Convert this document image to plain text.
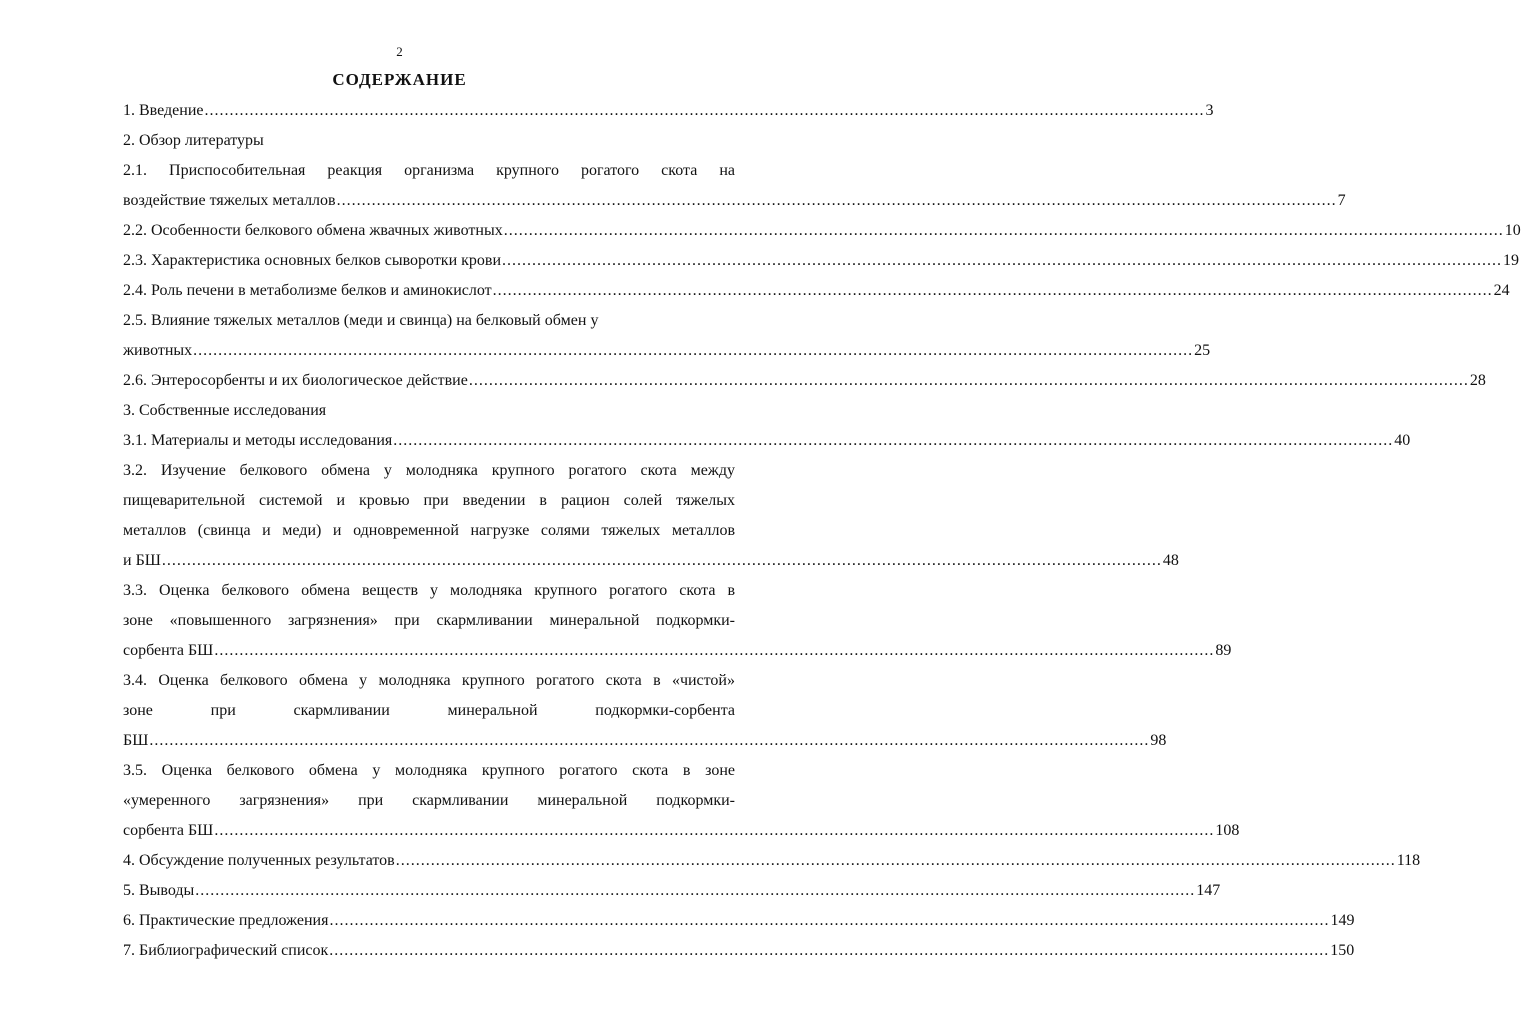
2
СОДЕРЖАНИЕ
1. Введение ........................................................................................................................................................................................................ 3
2. Обзор литературы
2.1. Приспособительная реакция организма крупного рогатого скота на
воздействие тяжелых металлов ........................................................................................................................................................................................................ 7
2.2. Особенности белкового обмена жвачных животных ........................................................................................................................................................................................................ 10
2.3. Характеристика основных белков сыворотки крови ........................................................................................................................................................................................................ 19
2.4. Роль печени в метаболизме белков и аминокислот ........................................................................................................................................................................................................ 24
2.5. Влияние тяжелых металлов (меди и свинца) на белковый обмен у
животных ........................................................................................................................................................................................................ 25
2.6. Энтеросорбенты и их биологическое действие ........................................................................................................................................................................................................ 28
3. Собственные исследования
3.1. Материалы и методы исследования ........................................................................................................................................................................................................ 40
3.2. Изучение белкового обмена у молодняка крупного рогатого скота между
пищеварительной системой и кровью при введении в рацион солей тяжелых
металлов (свинца и меди) и одновременной нагрузке солями тяжелых металлов
и БШ ........................................................................................................................................................................................................ 48
3.3. Оценка белкового обмена веществ у молодняка крупного рогатого скота в
зоне «повышенного загрязнения» при скармливании минеральной подкормки-
сорбента БШ ........................................................................................................................................................................................................ 89
3.4. Оценка белкового обмена у молодняка крупного рогатого скота в «чистой»
зоне при скармливании минеральной подкормки-сорбента
БШ ........................................................................................................................................................................................................ 98
3.5. Оценка белкового обмена у молодняка крупного рогатого скота в зоне
«умеренного загрязнения» при скармливании минеральной подкормки-
сорбента БШ ........................................................................................................................................................................................................ 108
4. Обсуждение полученных результатов ........................................................................................................................................................................................................ 118
5. Выводы ........................................................................................................................................................................................................ 147
6. Практические предложения ........................................................................................................................................................................................................ 149
7. Библиографический список ........................................................................................................................................................................................................ 150
